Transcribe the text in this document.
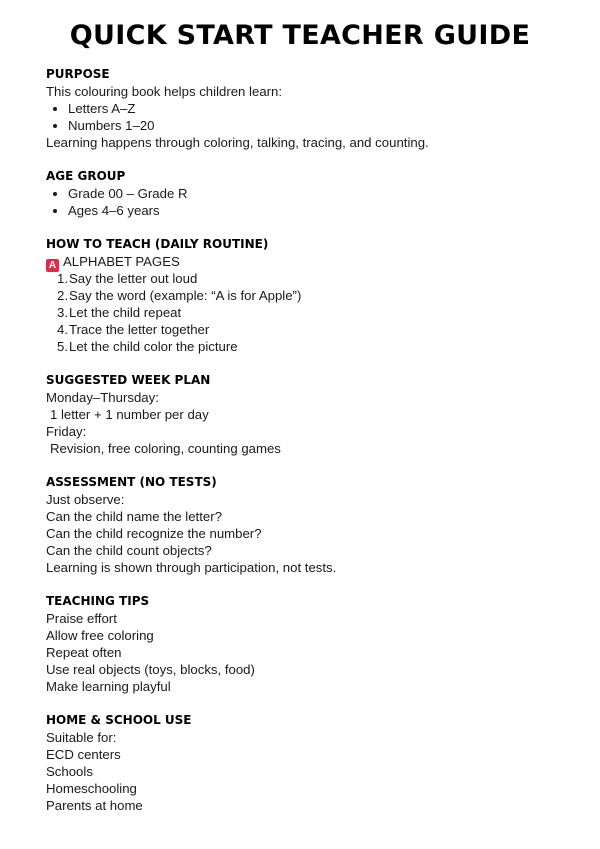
QUICK START TEACHER GUIDE
PURPOSE
This colouring book helps children learn:
Letters A–Z
Numbers 1–20
Learning happens through coloring, talking, tracing, and counting.
AGE GROUP
Grade 00 – Grade R
Ages 4–6 years
HOW TO TEACH (DAILY ROUTINE)
A ALPHABET PAGES
1.Say the letter out loud
2.Say the word (example: “A is for Apple”)
3.Let the child repeat
4.Trace the letter together
5.Let the child color the picture
SUGGESTED WEEK PLAN
Monday–Thursday:
1 letter + 1 number per day
Friday:
Revision, free coloring, counting games
ASSESSMENT (NO TESTS)
Just observe:
Can the child name the letter?
Can the child recognize the number?
Can the child count objects?
Learning is shown through participation, not tests.
TEACHING TIPS
Praise effort
Allow free coloring
Repeat often
Use real objects (toys, blocks, food)
Make learning playful
HOME & SCHOOL USE
Suitable for:
ECD centers
Schools
Homeschooling
Parents at home
